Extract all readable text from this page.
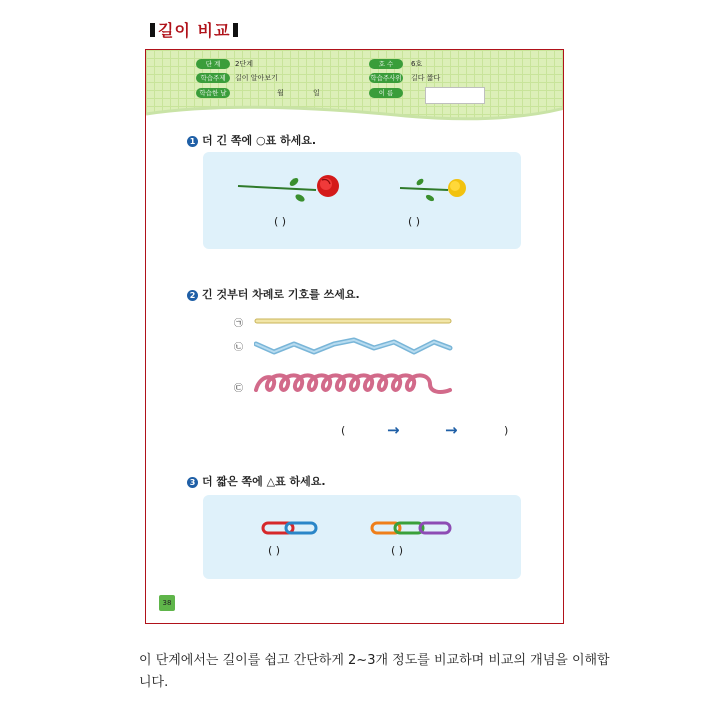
길이 비교
단 계	2단계	호 수	6호
학습주제	길이 알아보기	학습주사위 길다 짧다
학습한 날	월	일	이 름
1 더 긴 쪽에 ○표 하세요.
( )	( )
2 긴 것부터 차례로 기호를 쓰세요.
㉠
㉡
㉢
(	→	→	)
3 더 짧은 쪽에 △표 하세요.
( )	( )
38
이 단계에서는 길이를 쉽고 간단하게 2~3개 정도를 비교하며 비교의 개념을 이해합니다.
